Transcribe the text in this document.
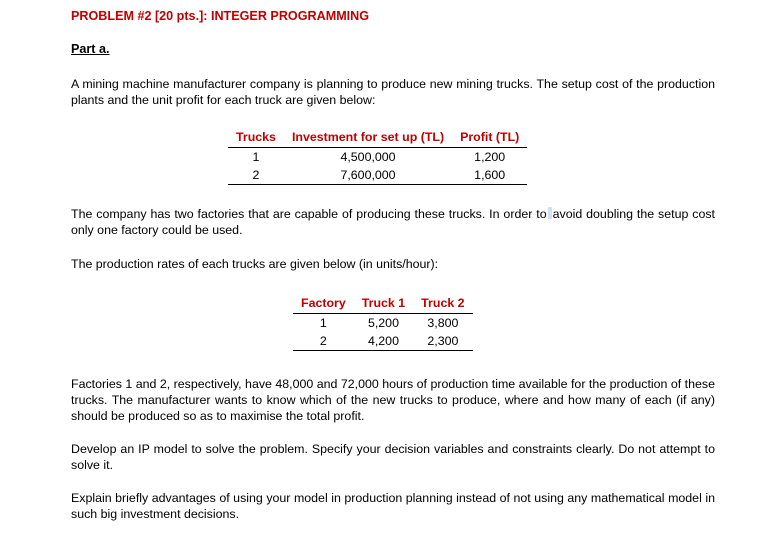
PROBLEM #2 [20 pts.]: INTEGER PROGRAMMING
Part a.
A mining machine manufacturer company is planning to produce new mining trucks. The setup cost of the production plants and the unit profit for each truck are given below:
Trucks	Investment for set up (TL)	Profit (TL)
1	4,500,000	1,200
2	7,600,000	1,600
The company has two factories that are capable of producing these trucks. In order to avoid doubling the setup cost only one factory could be used.
The production rates of each trucks are given below (in units/hour):
Factory	Truck 1	Truck 2
1	5,200	3,800
2	4,200	2,300
Factories 1 and 2, respectively, have 48,000 and 72,000 hours of production time available for the production of these trucks. The manufacturer wants to know which of the new trucks to produce, where and how many of each (if any) should be produced so as to maximise the total profit.
Develop an IP model to solve the problem. Specify your decision variables and constraints clearly. Do not attempt to solve it.
Explain briefly advantages of using your model in production planning instead of not using any mathematical model in such big investment decisions.
